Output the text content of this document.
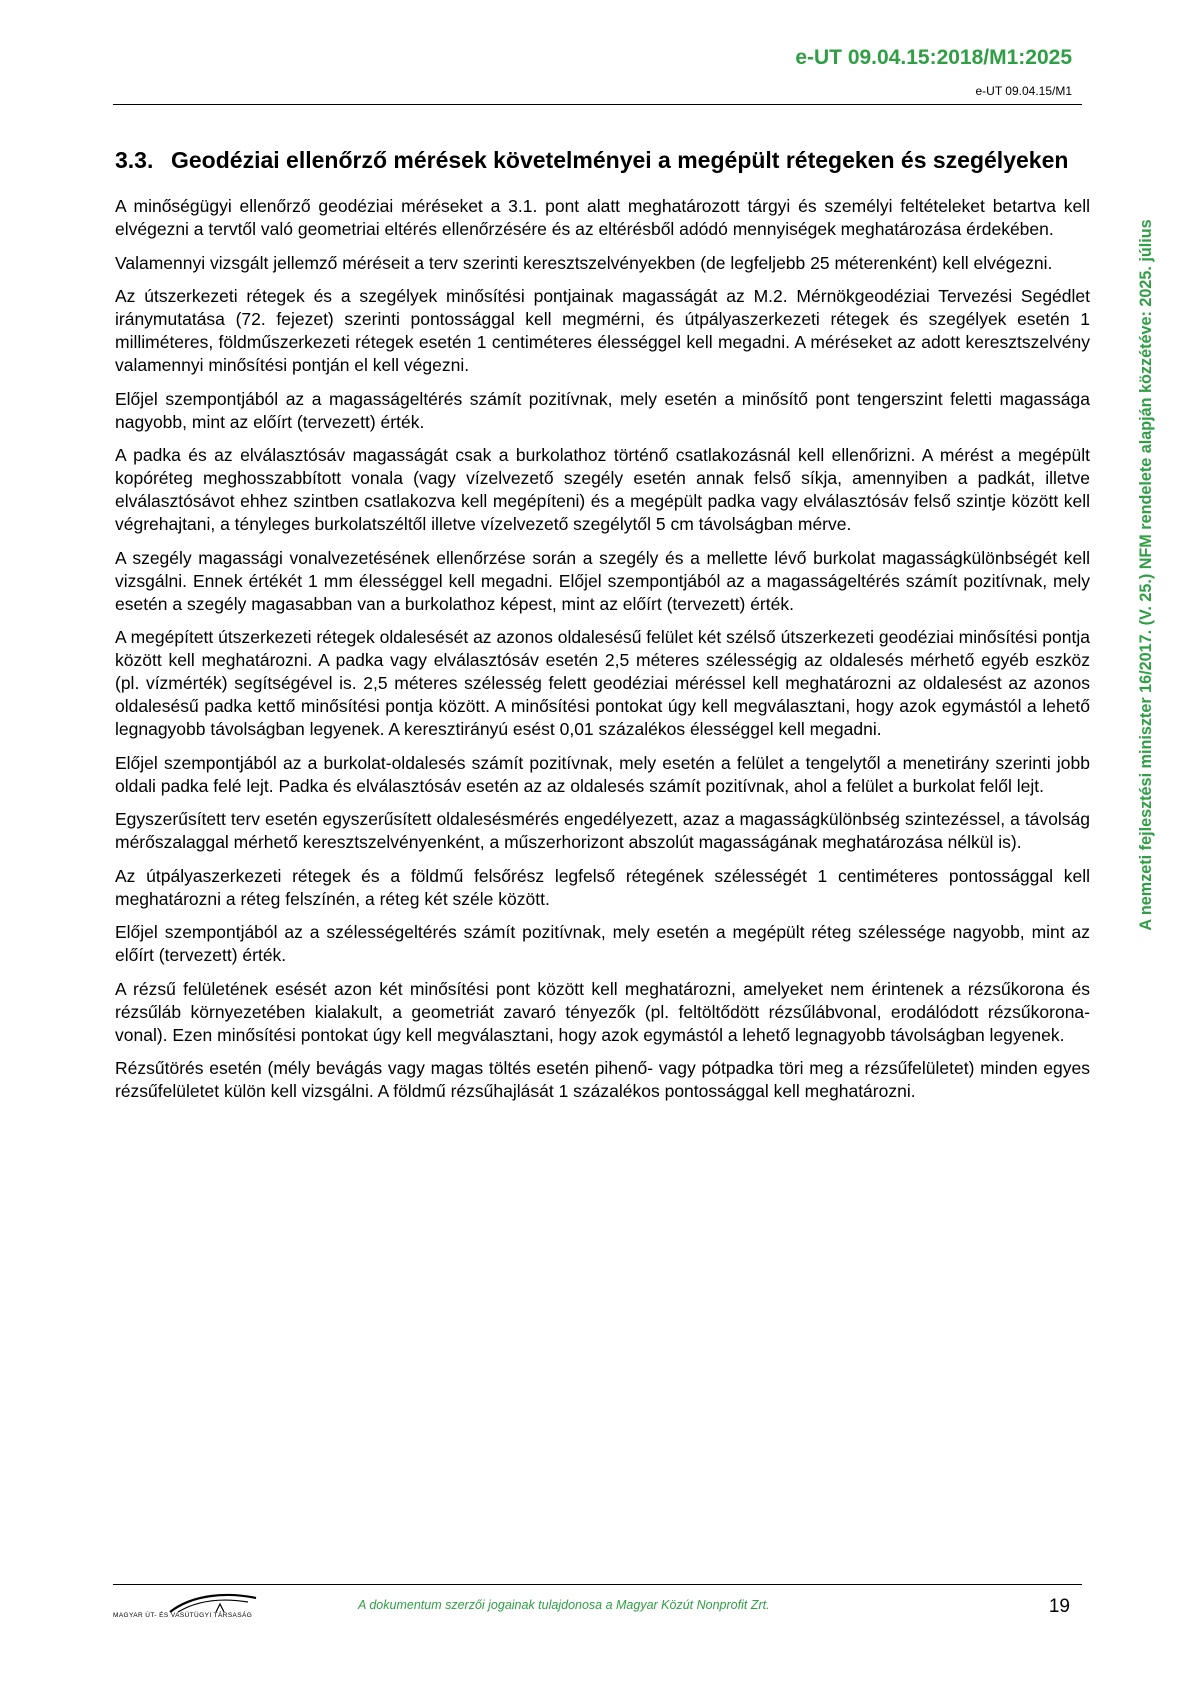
e-UT 09.04.15:2018/M1:2025

e-UT 09.04.15/M1

3.3. Geodéziai ellenőrző mérések követelményei a megépült rétegeken és szegélyeken

A minőségügyi ellenőrző geodéziai méréseket a 3.1. pont alatt meghatározott tárgyi és személyi feltételeket betartva kell elvégezni a tervtől való geometriai eltérés ellenőrzésére és az eltérésből adódó mennyiségek meghatározása érdekében.

Valamennyi vizsgált jellemző méréseit a terv szerinti keresztszelvényekben (de legfeljebb 25 méterenként) kell elvégezni.

Az útszerkezeti rétegek és a szegélyek minősítési pontjainak magasságát az M.2. Mérnökgeodéziai Tervezési Segédlet iránymutatása (72. fejezet) szerinti pontossággal kell megmérni, és útpályaszerkezeti rétegek és szegélyek esetén 1 milliméteres, földműszerkezeti rétegek esetén 1 centiméteres élességgel kell megadni. A méréseket az adott keresztszelvény valamennyi minősítési pontján el kell végezni.

Előjel szempontjából az a magasságeltérés számít pozitívnak, mely esetén a minősítő pont tengerszint feletti magassága nagyobb, mint az előírt (tervezett) érték.

A padka és az elválasztósáv magasságát csak a burkolathoz történő csatlakozásnál kell ellenőrizni. A mérést a megépült kopóréteg meghosszabbított vonala (vagy vízelvezető szegély esetén annak felső síkja, amennyiben a padkát, illetve elválasztósávot ehhez szintben csatlakozva kell megépíteni) és a megépült padka vagy elválasztósáv felső szintje között kell végrehajtani, a tényleges burkolatszéltől illetve vízelvezető szegélytől 5 cm távolságban mérve.

A szegély magassági vonalvezetésének ellenőrzése során a szegély és a mellette lévő burkolat magasságkülönbségét kell vizsgálni. Ennek értékét 1 mm élességgel kell megadni. Előjel szempontjából az a magasságeltérés számít pozitívnak, mely esetén a szegély magasabban van a burkolathoz képest, mint az előírt (tervezett) érték.

A megépített útszerkezeti rétegek oldalesését az azonos oldalesésű felület két szélső útszerkezeti geodéziai minősítési pontja között kell meghatározni. A padka vagy elválasztósáv esetén 2,5 méteres szélességig az oldalesés mérhető egyéb eszköz (pl. vízmérték) segítségével is. 2,5 méteres szélesség felett geodéziai méréssel kell meghatározni az oldalesést az azonos oldalesésű padka kettő minősítési pontja között. A minősítési pontokat úgy kell megválasztani, hogy azok egymástól a lehető legnagyobb távolságban legyenek. A keresztirányú esést 0,01 százalékos élességgel kell megadni.

Előjel szempontjából az a burkolat-oldalesés számít pozitívnak, mely esetén a felület a tengelytől a menetirány szerinti jobb oldali padka felé lejt. Padka és elválasztósáv esetén az az oldalesés számít pozitívnak, ahol a felület a burkolat felől lejt.

Egyszerűsített terv esetén egyszerűsített oldalesésmérés engedélyezett, azaz a magasságkülönbség szintezéssel, a távolság mérőszalaggal mérhető keresztszelvényenként, a műszerhorizont abszolút magasságának meghatározása nélkül is).

Az útpályaszerkezeti rétegek és a földmű felsőrész legfelső rétegének szélességét 1 centiméteres pontossággal kell meghatározni a réteg felszínén, a réteg két széle között.

Előjel szempontjából az a szélességeltérés számít pozitívnak, mely esetén a megépült réteg szélessége nagyobb, mint az előírt (tervezett) érték.

A rézsű felületének esését azon két minősítési pont között kell meghatározni, amelyeket nem érintenek a rézsűkorona és rézsűláb környezetében kialakult, a geometriát zavaró tényezők (pl. feltöltődött rézsűlábvonal, erodálódott rézsűkorona-vonal). Ezen minősítési pontokat úgy kell megválasztani, hogy azok egymástól a lehető legnagyobb távolságban legyenek.

Rézsűtörés esetén (mély bevágás vagy magas töltés esetén pihenő- vagy pótpadka töri meg a rézsűfelületet) minden egyes rézsűfelületet külön kell vizsgálni. A földmű rézsűhajlását 1 százalékos pontossággal kell meghatározni.

A nemzeti fejlesztési miniszter 16/2017. (V. 25.) NFM rendelete alapján közzétéve: 2025. július
MAGYAR ÚT- ÉS VASÚTÜGYI TÁRSASÁG

A dokumentum szerzői jogainak tulajdonosa a Magyar Közút Nonprofit Zrt.	19
